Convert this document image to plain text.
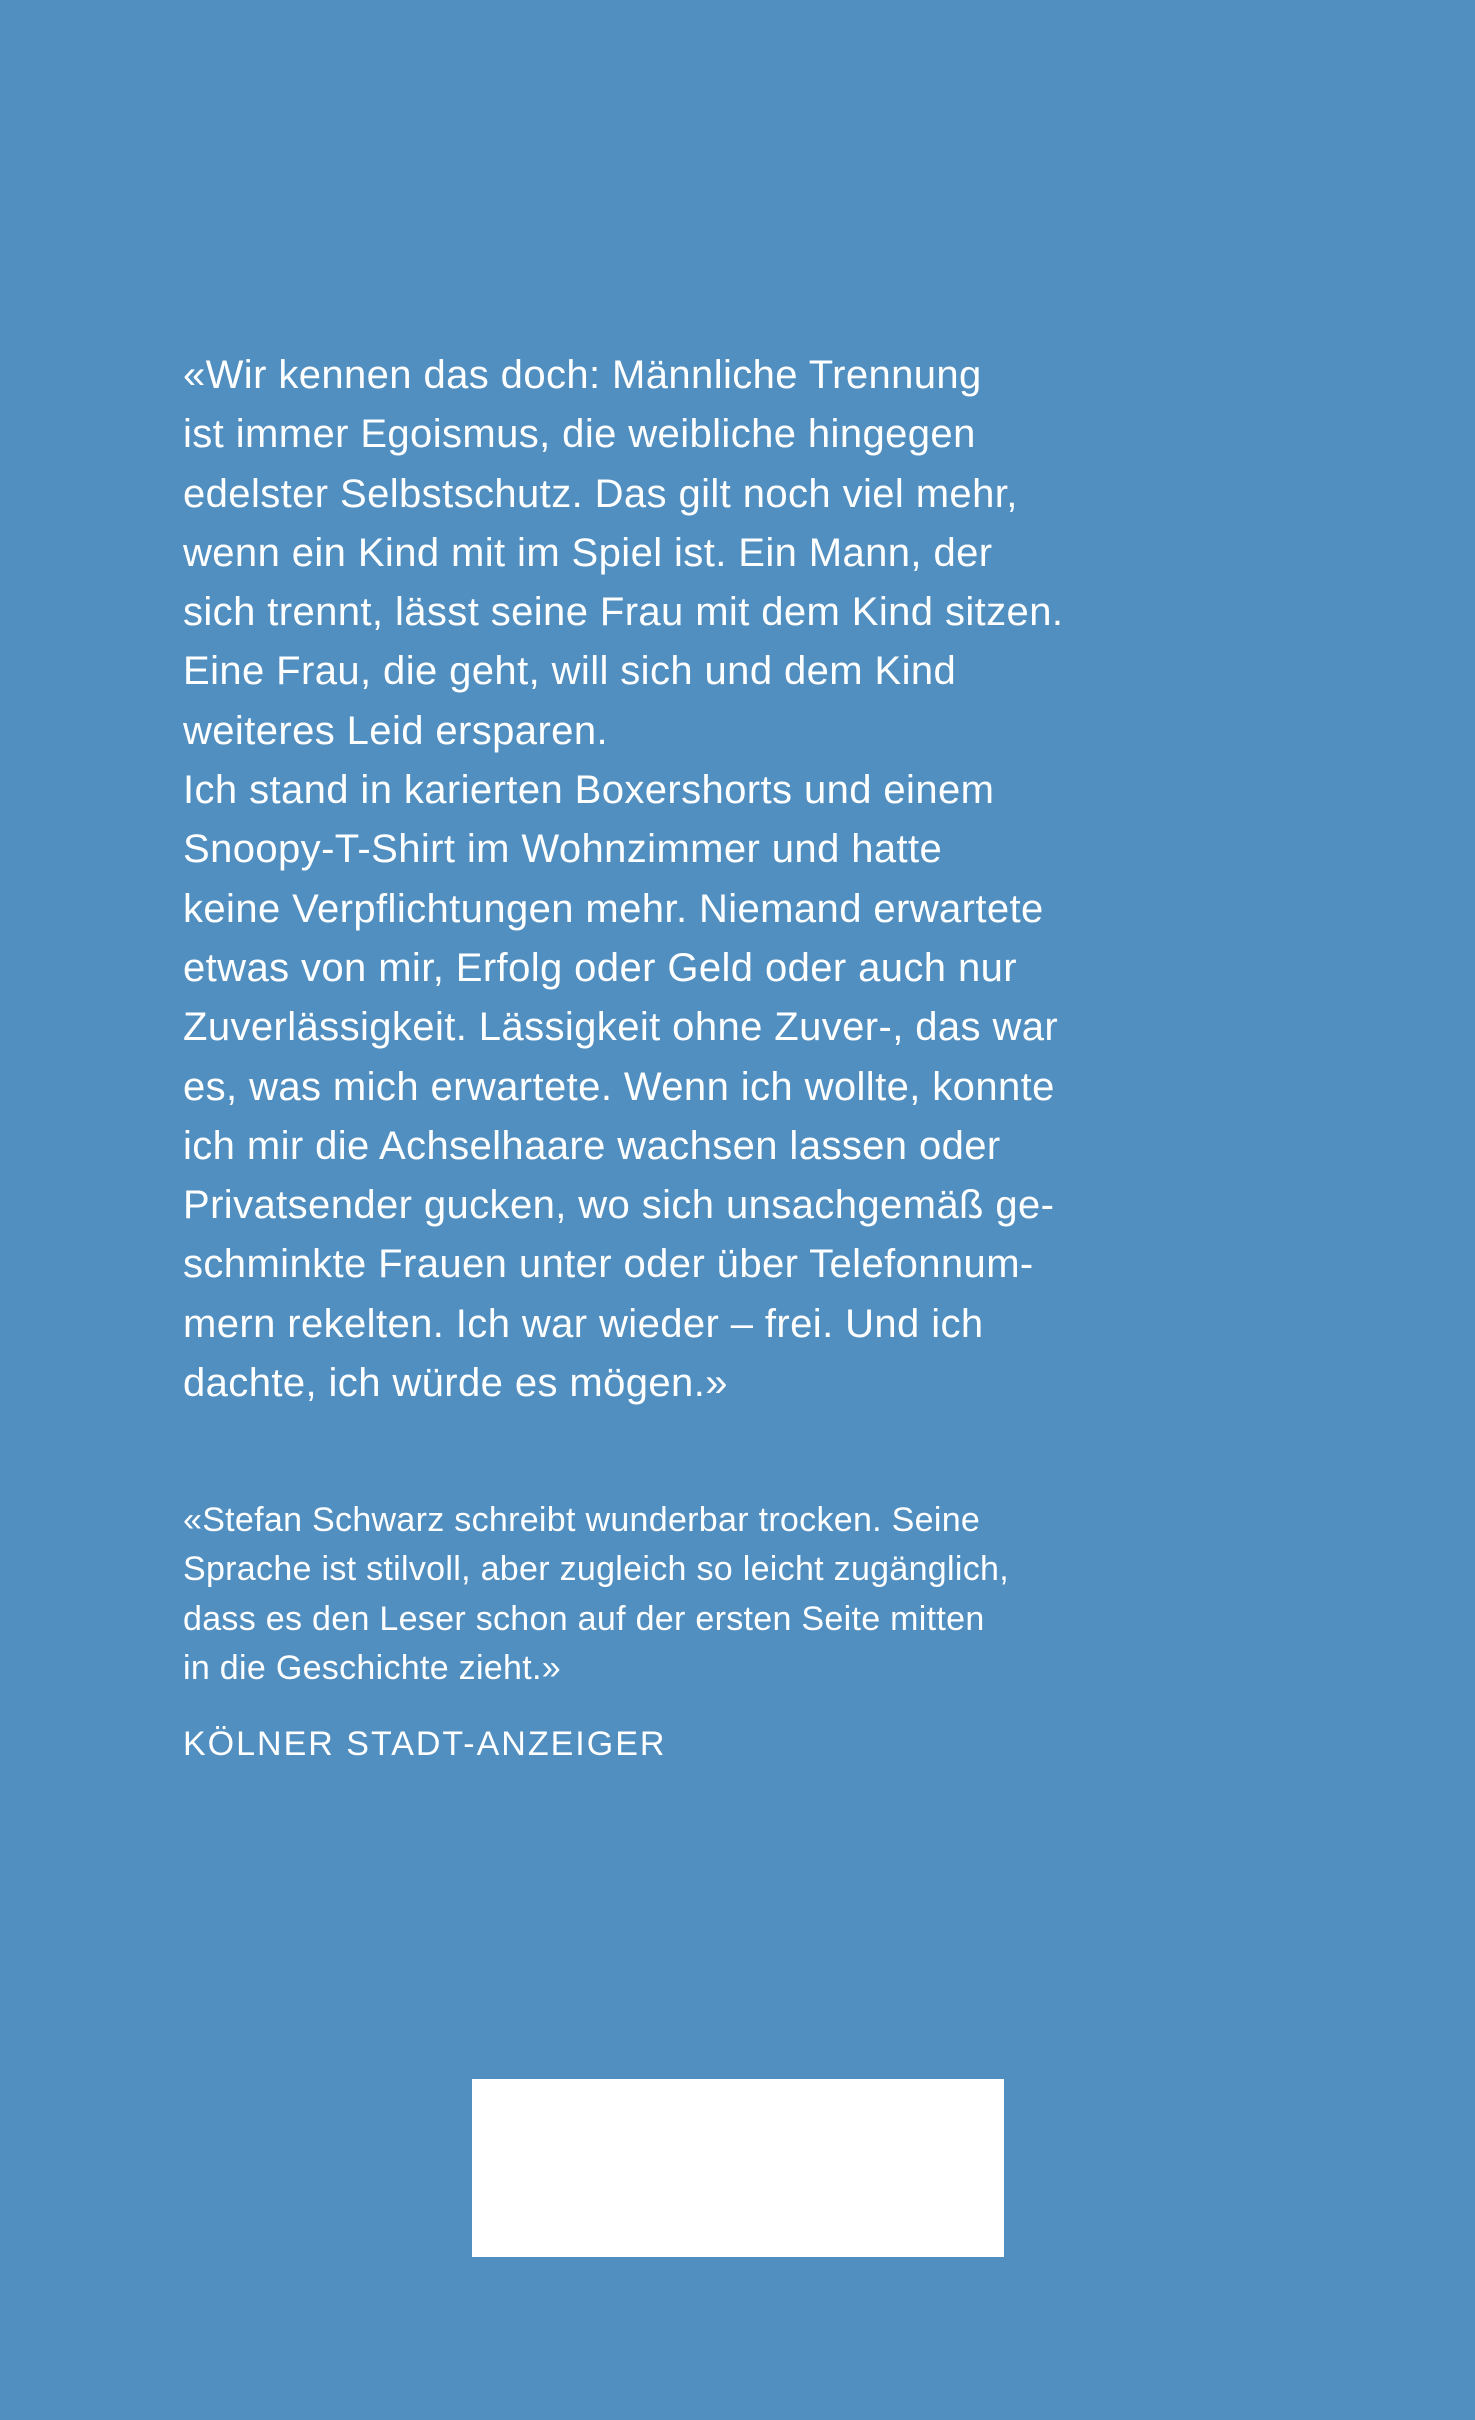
«Wir kennen das doch: Männliche Trennung
ist immer Egoismus, die weibliche hingegen
edelster Selbstschutz. Das gilt noch viel mehr,
wenn ein Kind mit im Spiel ist. Ein Mann, der
sich trennt, lässt seine Frau mit dem Kind sitzen.
Eine Frau, die geht, will sich und dem Kind
weiteres Leid ersparen.
Ich stand in karierten Boxershorts und einem
Snoopy-T-Shirt im Wohnzimmer und hatte
keine Verpflichtungen mehr. Niemand erwartete
etwas von mir, Erfolg oder Geld oder auch nur
Zuverlässigkeit. Lässigkeit ohne Zuver-, das war
es, was mich erwartete. Wenn ich wollte, konnte
ich mir die Achselhaare wachsen lassen oder
Privatsender gucken, wo sich unsachgemäß ge-
schminkte Frauen unter oder über Telefonnum-
mern rekelten. Ich war wieder – frei. Und ich
dachte, ich würde es mögen.»
«Stefan Schwarz schreibt wunderbar trocken. Seine
Sprache ist stilvoll, aber zugleich so leicht zugänglich,
dass es den Leser schon auf der ersten Seite mitten
in die Geschichte zieht.»
KÖLNER STADT-ANZEIGER
